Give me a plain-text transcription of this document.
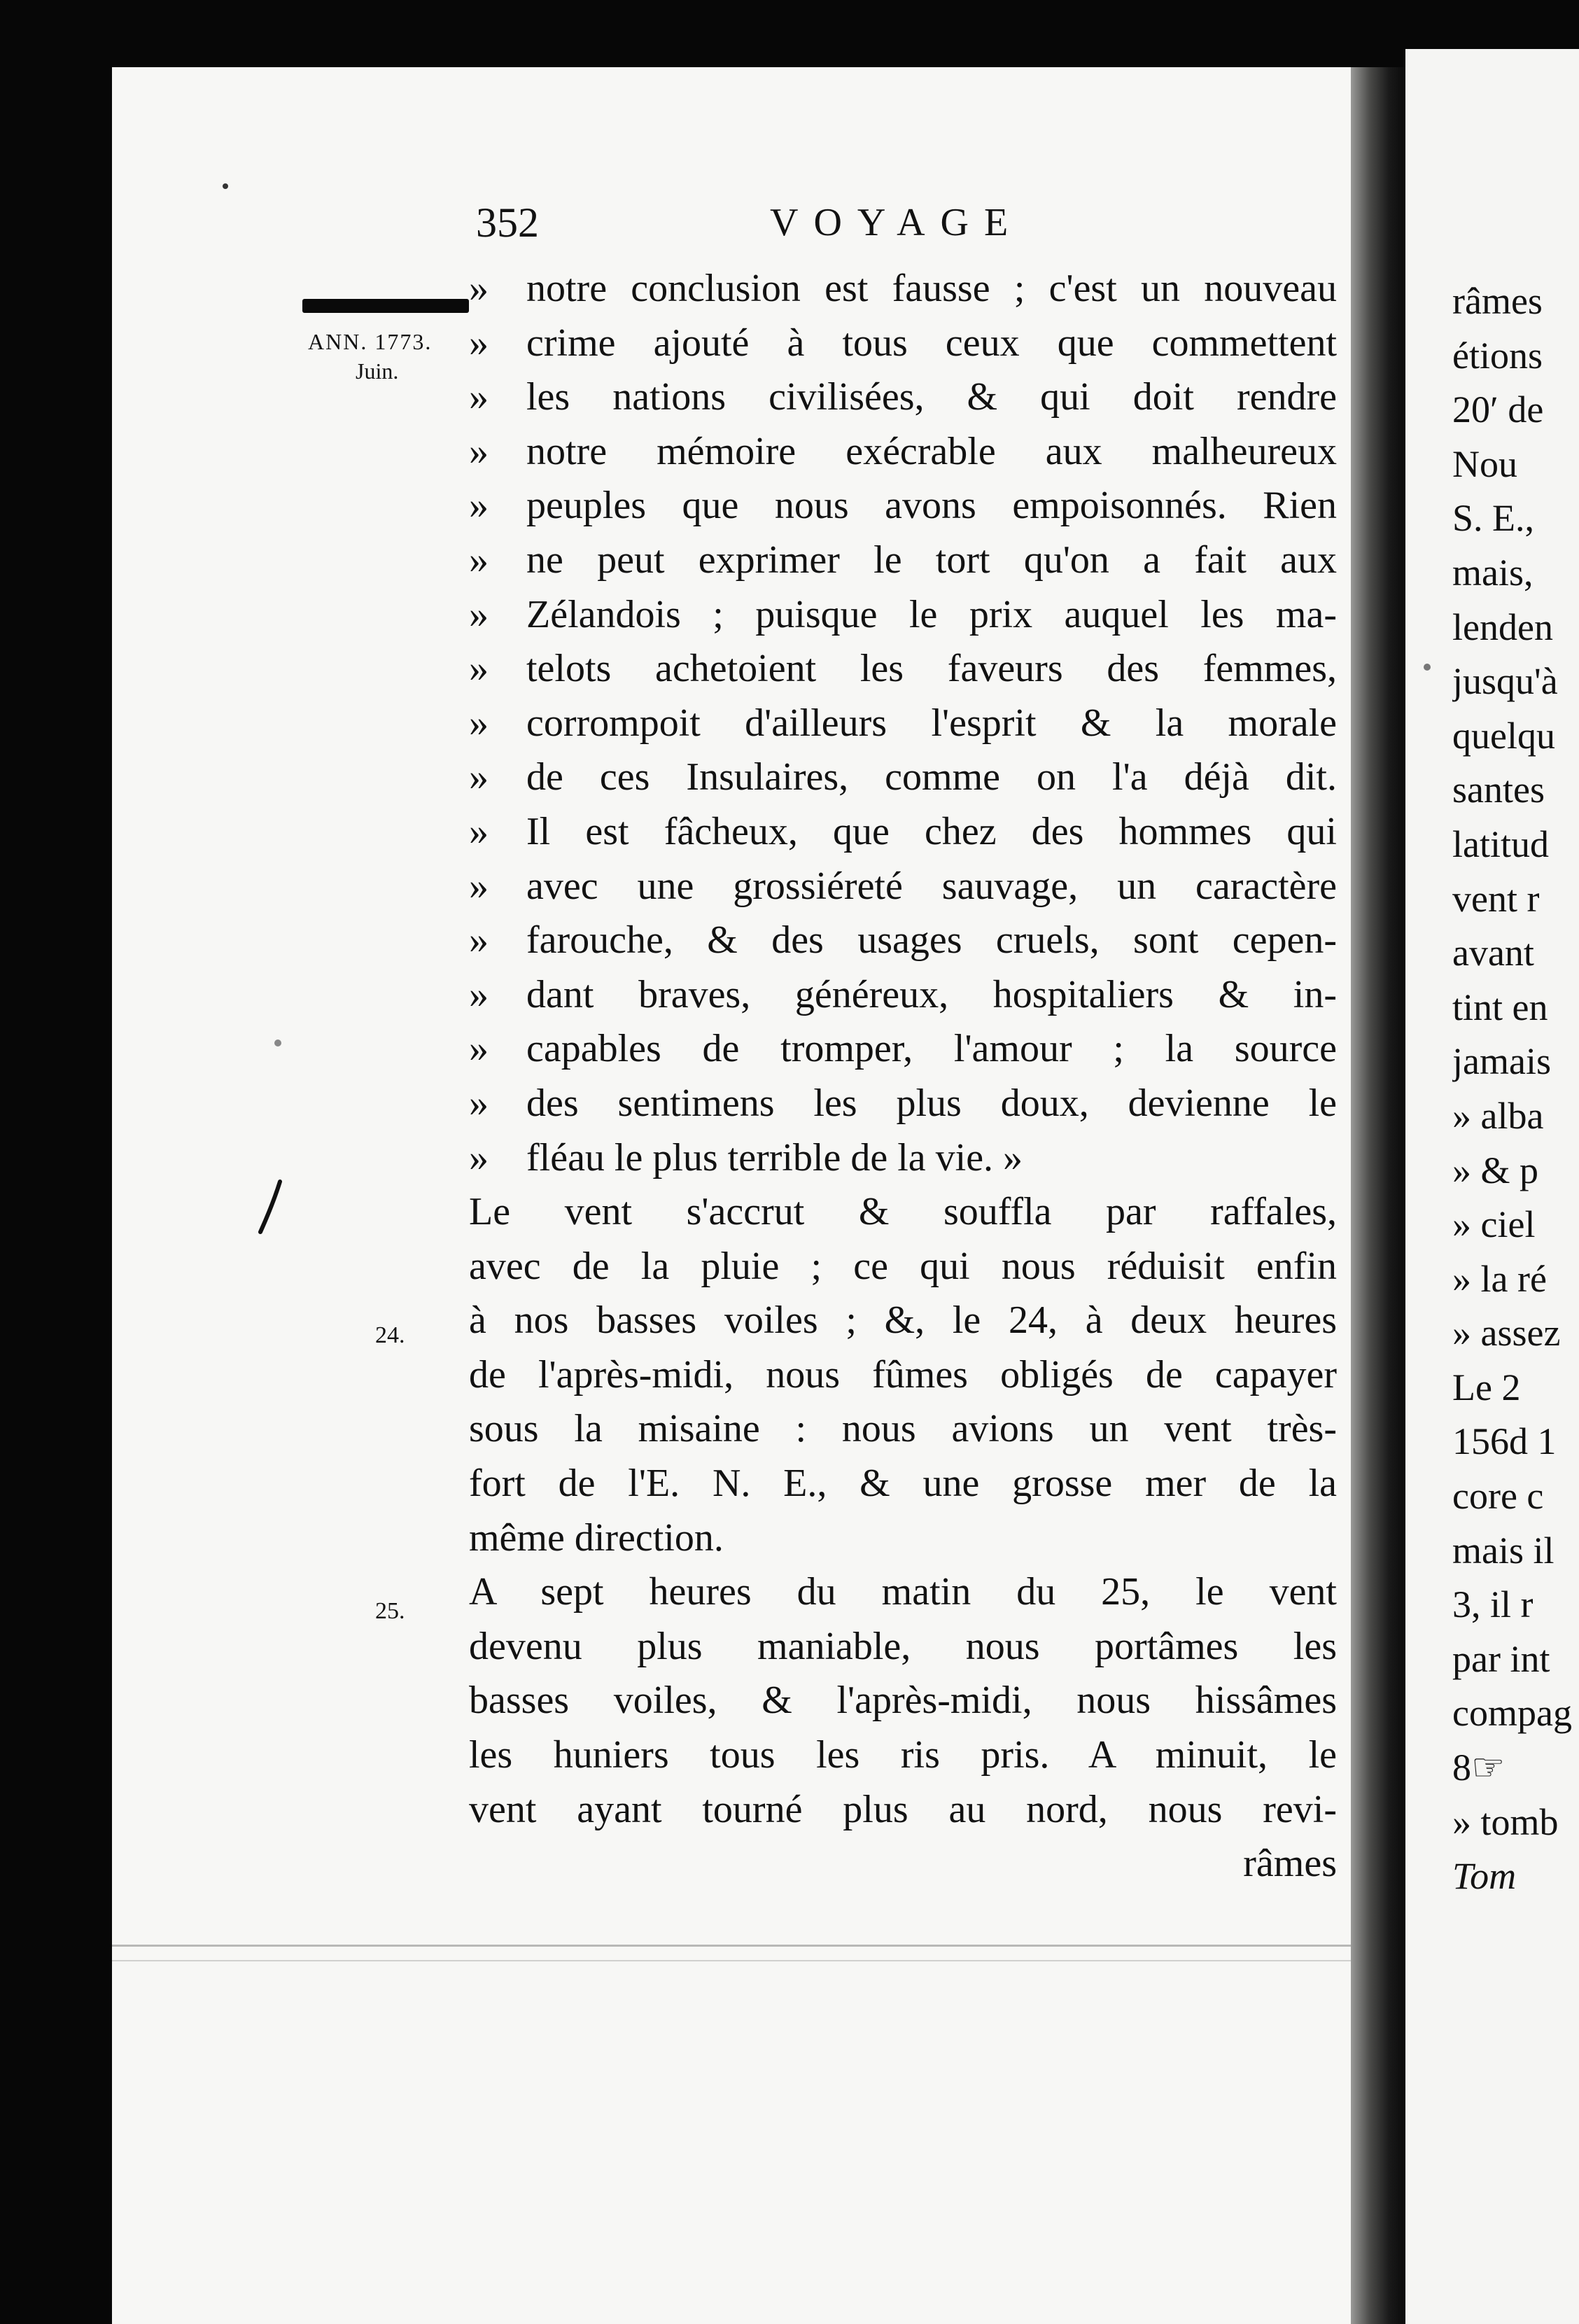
352	VOYAGE
ANN. 1773.
Juin.
24.
25.
» notre conclusion est fausse ; c'est un nouveau
» crime ajouté à tous ceux que commettent
» les nations civilisées, & qui doit rendre
» notre mémoire exécrable aux malheureux
» peuples que nous avons empoisonnés. Rien
» ne peut exprimer le tort qu'on a fait aux
» Zélandois ; puisque le prix auquel les ma-
» telots achetoient les faveurs des femmes,
» corrompoit d'ailleurs l'esprit & la morale
» de ces Insulaires, comme on l'a déjà dit.
» Il est fâcheux, que chez des hommes qui
» avec une grossiéreté sauvage, un caractère
» farouche, & des usages cruels, sont cepen-
» dant braves, généreux, hospitaliers & in-
» capables de tromper, l'amour ; la source
» des sentimens les plus doux, devienne le
» fléau le plus terrible de la vie. »
Le vent s'accrut & souffla par raffales,
avec de la pluie ; ce qui nous réduisit enfin
à nos basses voiles ; &, le 24, à deux heures
de l'après-midi, nous fûmes obligés de capayer
sous la misaine : nous avions un vent très-
fort de l'E. N. E., & une grosse mer de la
même direction.
A sept heures du matin du 25, le vent
devenu plus maniable, nous portâmes les
basses voiles, & l'après-midi, nous hissâmes
les huniers tous les ris pris. A minuit, le
vent ayant tourné plus au nord, nous revi-
râmes
râmes
étions
20′ de
Nou
S. E.,
mais,
lenden
jusqu'à
quelqu
santes
latitud
vent r
avant
tint en
jamais
» alba
» & p
» ciel
» la ré
» assez
Le 2
156d 1
core c
mais il
3, il r
par int
compag
8☞
» tomb
Tom
